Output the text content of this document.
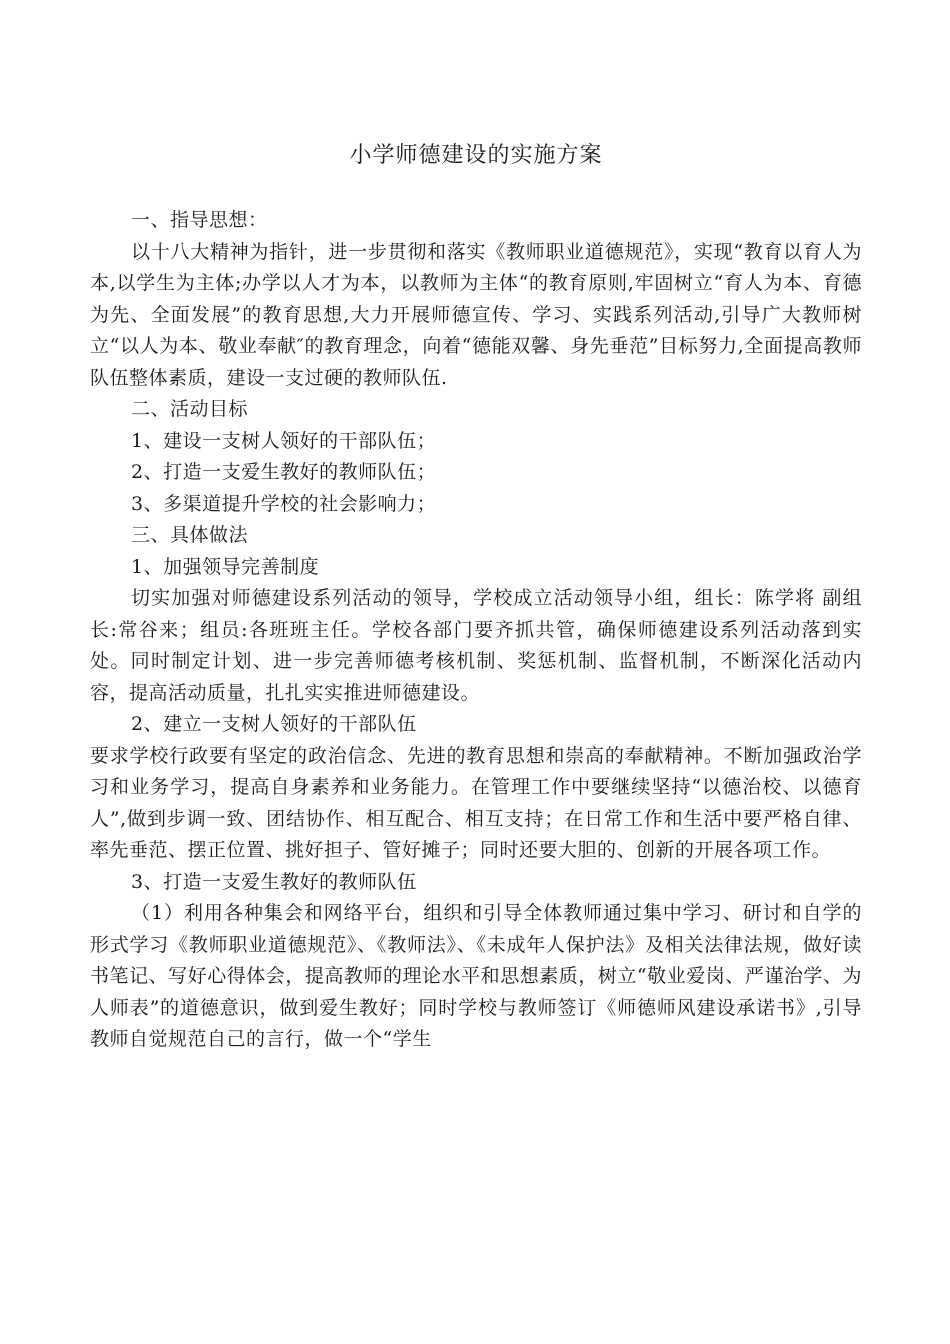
小学师德建设的实施方案

一、指导思想：

以十八大精神为指针，进一步贯彻和落实《教师职业道德规范》，实现“教育以育人为本,以学生为主体;办学以人才为本，以教师为主体“的教育原则,牢固树立“育人为本、育德为先、全面发展”的教育思想,大力开展师德宣传、学习、实践系列活动,引导广大教师树立“以人为本、敬业奉献″的教育理念，向着“德能双馨、身先垂范”目标努力,全面提高教师队伍整体素质，建设一支过硬的教师队伍.

二、活动目标

1、建设一支树人领好的干部队伍；

2、打造一支爱生教好的教师队伍；

3、多渠道提升学校的社会影响力；

三、具体做法

1、加强领导完善制度

切实加强对师德建设系列活动的领导，学校成立活动领导小组，组长：陈学将 副组长:常谷来；组员:各班班主任。学校各部门要齐抓共管，确保师德建设系列活动落到实处。同时制定计划、进一步完善师德考核机制、奖惩机制、监督机制，不断深化活动内容，提高活动质量，扎扎实实推进师德建设。

2、建立一支树人领好的干部队伍

要求学校行政要有坚定的政治信念、先进的教育思想和崇高的奉献精神。不断加强政治学习和业务学习，提高自身素养和业务能力。在管理工作中要继续坚持“以德治校、以德育人”,做到步调一致、团结协作、相互配合、相互支持；在日常工作和生活中要严格自律、率先垂范、摆正位置、挑好担子、管好摊子；同时还要大胆的、创新的开展各项工作。

3、打造一支爱生教好的教师队伍

（1）利用各种集会和网络平台，组织和引导全体教师通过集中学习、研讨和自学的形式学习《教师职业道德规范》、《教师法》、《未成年人保护法》及相关法律法规，做好读书笔记、写好心得体会，提高教师的理论水平和思想素质，树立“敬业爱岗、严谨治学、为人师表”的道德意识，做到爱生教好；同时学校与教师签订《师德师风建设承诺书》,引导教师自觉规范自己的言行，做一个“学生
